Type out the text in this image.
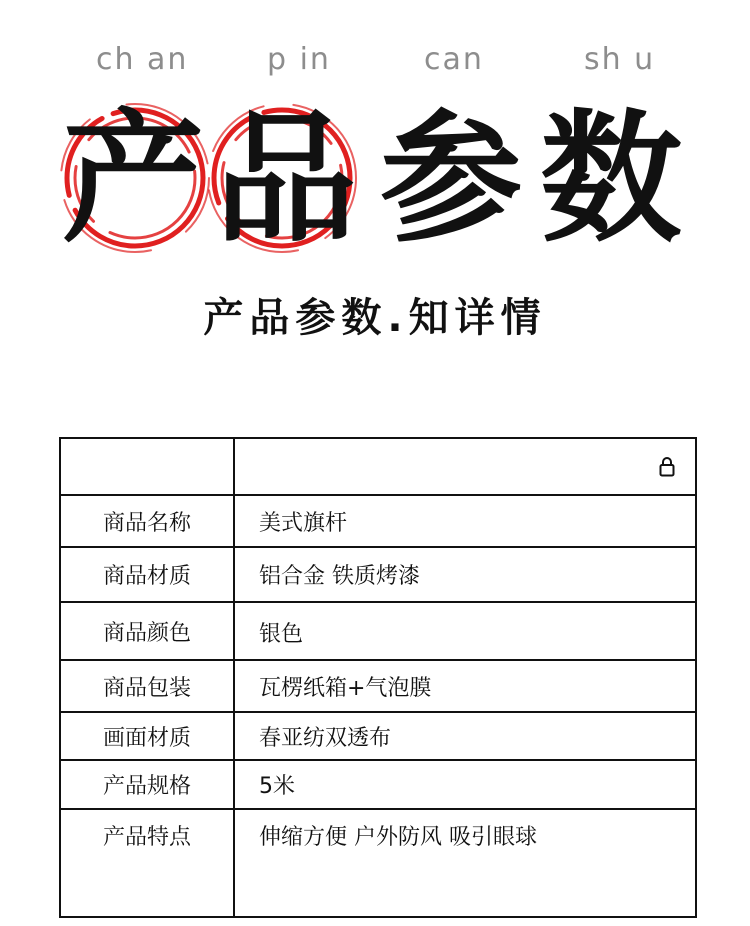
ch an	p in	can	sh u
产 品 参 数
产品参数.知详情
商品名称	美式旗杆
商品材质	铝合金 铁质烤漆
商品颜色	银色
商品包装	瓦楞纸箱+气泡膜
画面材质	春亚纺双透布
产品规格	5米
产品特点	伸缩方便 户外防风 吸引眼球
